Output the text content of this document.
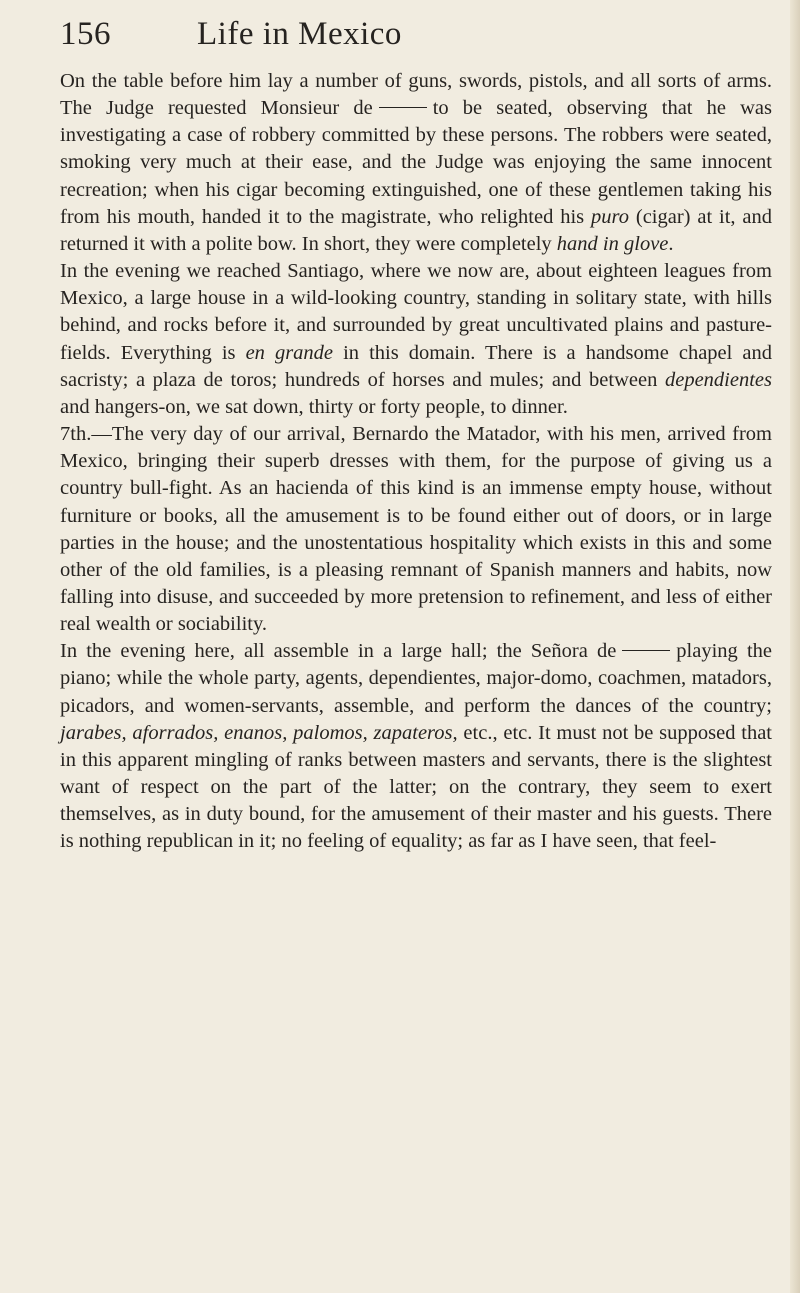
156	Life in Mexico

On the table before him lay a number of guns, swords, pistols, and all sorts of arms. The Judge requested Monsieur de	to be seated, observing that he was investigating a case of robbery committed by these persons. The robbers were seated, smoking very much at their ease, and the Judge was enjoying the same innocent recreation; when his cigar becoming extinguished, one of these gentlemen taking his from his mouth, handed it to the magistrate, who relighted his puro (cigar) at it, and returned it with a polite bow. In short, they were completely hand in glove.

In the evening we reached Santiago, where we now are, about eighteen leagues from Mexico, a large house in a wild-looking country, standing in solitary state, with hills behind, and rocks before it, and surrounded by great uncultivated plains and pasture-fields. Everything is en grande in this domain. There is a handsome chapel and sacristy; a plaza de toros; hundreds of horses and mules; and between dependientes and hangers-on, we sat down, thirty or forty people, to dinner.

7th.—The very day of our arrival, Bernardo the Matador, with his men, arrived from Mexico, bringing their superb dresses with them, for the purpose of giving us a country bull-fight. As an hacienda of this kind is an immense empty house, without furniture or books, all the amusement is to be found either out of doors, or in large parties in the house; and the unostentatious hospitality which exists in this and some other of the old families, is a pleasing remnant of Spanish manners and habits, now falling into disuse, and succeeded by more pretension to refinement, and less of either real wealth or sociability.

In the evening here, all assemble in a large hall; the Señora de	playing the piano; while the whole party, agents, dependientes, major-domo, coachmen, matadors, picadors, and women-servants, assemble, and perform the dances of the country; jarabes, aforrados, enanos, palomos, zapateros, etc., etc. It must not be supposed that in this apparent mingling of ranks between masters and servants, there is the slightest want of respect on the part of the latter; on the contrary, they seem to exert themselves, as in duty bound, for the amusement of their master and his guests. There is nothing republican in it; no feeling of equality; as far as I have seen, that feel-
